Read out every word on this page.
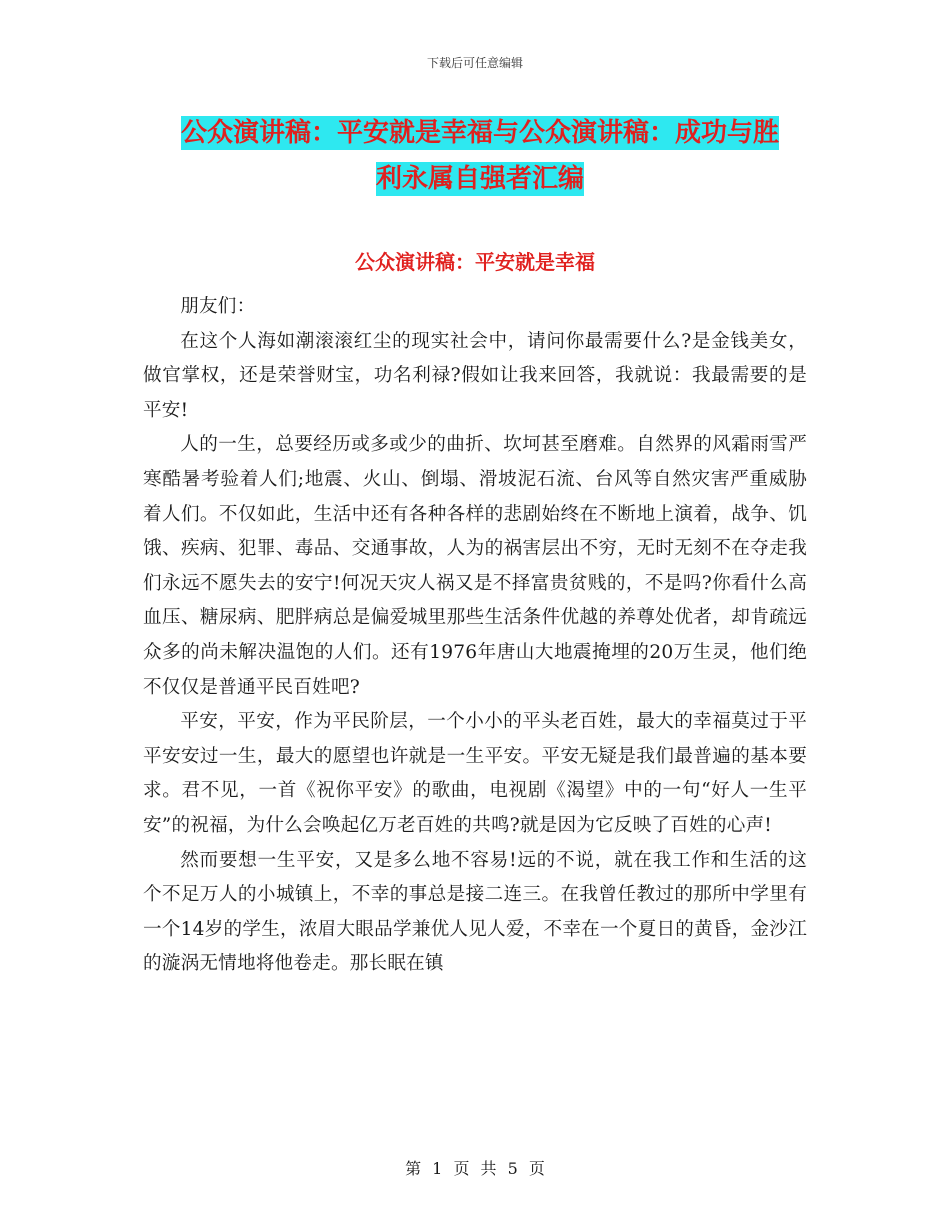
下载后可任意编辑
公众演讲稿：平安就是幸福与公众演讲稿：成功与胜
利永属自强者汇编
公众演讲稿：平安就是幸福

朋友们：

在这个人海如潮滚滚红尘的现实社会中，请问你最需要什么?是金钱美女，做官掌权，还是荣誉财宝，功名利禄?假如让我来回答，我就说：我最需要的是平安!

人的一生，总要经历或多或少的曲折、坎坷甚至磨难。自然界的风霜雨雪严寒酷暑考验着人们;地震、火山、倒塌、滑坡泥石流、台风等自然灾害严重威胁着人们。不仅如此，生活中还有各种各样的悲剧始终在不断地上演着，战争、饥饿、疾病、犯罪、毒品、交通事故，人为的祸害层出不穷，无时无刻不在夺走我们永远不愿失去的安宁!何况天灾人祸又是不择富贵贫贱的，不是吗?你看什么高血压、糖尿病、肥胖病总是偏爱城里那些生活条件优越的养尊处优者，却肯疏远众多的尚未解决温饱的人们。还有1976年唐山大地震掩埋的20万生灵，他们绝不仅仅是普通平民百姓吧?

平安，平安，作为平民阶层，一个小小的平头老百姓，最大的幸福莫过于平平安安过一生，最大的愿望也许就是一生平安。平安无疑是我们最普遍的基本要求。君不见，一首《祝你平安》的歌曲，电视剧《渴望》中的一句“好人一生平安”的祝福，为什么会唤起亿万老百姓的共鸣?就是因为它反映了百姓的心声!

然而要想一生平安，又是多么地不容易!远的不说，就在我工作和生活的这个不足万人的小城镇上，不幸的事总是接二连三。在我曾任教过的那所中学里有一个14岁的学生，浓眉大眼品学兼优人见人爱，不幸在一个夏日的黄昏，金沙江的漩涡无情地将他卷走。那长眠在镇

第 1 页 共 5 页
